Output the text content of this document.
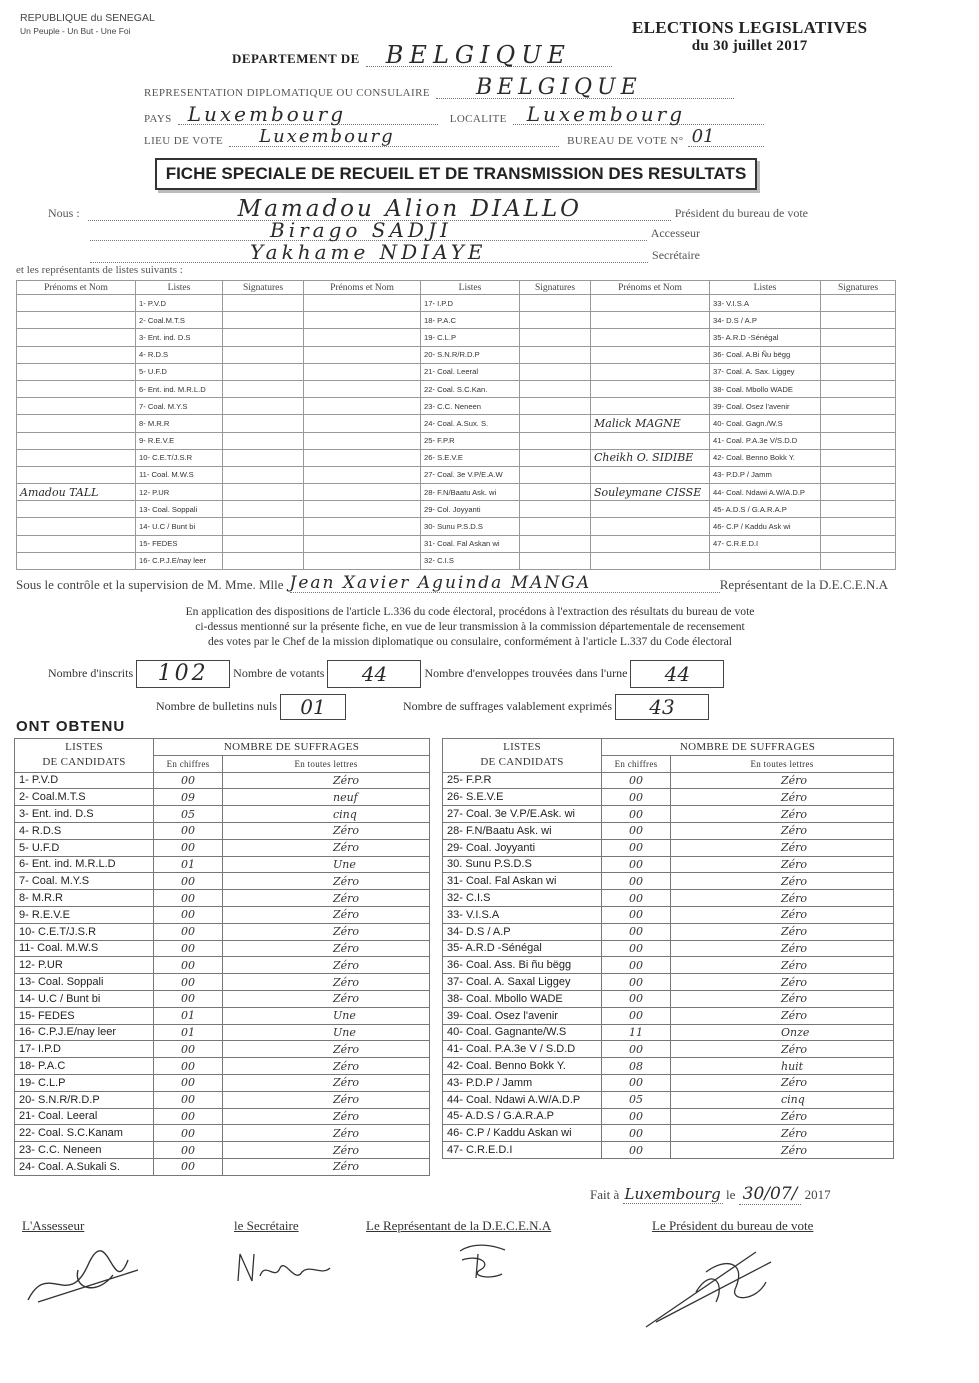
REPUBLIQUE du SENEGAL
Un Peuple - Un But - Une Foi	ELECTIONS LEGISLATIVES
du 30 juillet 2017
DEPARTEMENT DE	BELGIQUE
REPRESENTATION DIPLOMATIQUE OU CONSULAIRE	BELGIQUE
PAYS Luxembourg	LOCALITE	Luxembourg
LIEU DE VOTE	Luxembourg	BUREAU DE VOTE N° 01
FICHE SPECIALE DE RECUEIL ET DE TRANSMISSION DES RESULTATS
Nous :	Mamadou Alion DIALLO	Président du bureau de vote
Birago SADJI	Accesseur
Yakhame NDIAYE	Secrétaire
et les représentants de listes suivants :
Prénoms et Nom	Listes	Signatures	Prénoms et Nom	Listes	Signatures	Prénoms et Nom	Listes	Signatures
	1- P.V.D			17- I.P.D			33- V.I.S.A	
	2- Coal.M.T.S			18- P.A.C			34- D.S / A.P	
	3- Ent. ind. D.S			19- C.L.P			35- A.R.D -Sénégal	
	4- R.D.S			20- S.N.R/R.D.P			36- Coal. A.Bi Ñu bëgg	
	5- U.F.D			21- Coal. Leeral			37- Coal. A. Sax. Liggey	
	6- Ent. ind. M.R.L.D			22- Coal. S.C.Kan.			38- Coal. Mbollo WADE	
	7- Coal. M.Y.S			23- C.C. Neneen			39- Coal. Osez l'avenir	
	8- M.R.R			24- Coal. A.Sux. S.		Malick MAGNE	40- Coal. Gagn./W.S	
	9- R.E.V.E			25- F.P.R			41- Coal. P.A.3e V/S.D.D	
	10- C.E.T/J.S.R			26- S.E.V.E		Cheikh O. SIDIBE	42- Coal. Benno Bokk Y.	
	11- Coal. M.W.S			27- Coal. 3e V.P/E.A.W			43- P.D.P / Jamm	
Amadou TALL	12- P.UR			28- F.N/Baatu Ask. wi		Souleymane CISSE	44- Coal. Ndawi A.W/A.D.P	
	13- Coal. Soppali			29- Col. Joyyanti			45- A.D.S / G.A.R.A.P	
	14- U.C / Bunt bi			30- Sunu P.S.D.S			46- C.P / Kaddu Ask wi	
	15- FEDES			31- Coal. Fal Askan wi			47- C.R.E.D.I	
	16- C.P.J.E/nay leer			32- C.I.S				
Sous le contrôle et la supervision de M. Mme. Mlle Jean Xavier Aguinda MANGA	Représentant de la D.E.C.E.N.A
En application des dispositions de l'article L.336 du code électoral, procédons à l'extraction des résultats du bureau de vote
ci-dessus mentionné sur la présente fiche, en vue de leur transmission à la commission départementale de recensement
des votes par le Chef de la mission diplomatique ou consulaire, conformément à l'article L.337 du Code électoral
Nombre d'inscrits 102 Nombre de votants 44	Nombre d'enveloppes trouvées dans l'urne 44
Nombre de bulletins nuls 01	Nombre de suffrages valablement exprimés 43
ONT OBTENU
LISTES
DE CANDIDATS	NOMBRE DE SUFFRAGES	
	En chiffres	En toutes lettres
1- P.V.D	00	Zéro
2- Coal.M.T.S	09	neuf
3- Ent. ind. D.S	05	cinq
4- R.D.S	00	Zéro
5- U.F.D	00	Zéro
6- Ent. ind. M.R.L.D	01	Une
7- Coal. M.Y.S	00	Zéro
8- M.R.R	00	Zéro
9- R.E.V.E	00	Zéro
10- C.E.T/J.S.R	00	Zéro
11- Coal. M.W.S	00	Zéro
12- P.UR	00	Zéro
13- Coal. Soppali	00	Zéro
14- U.C / Bunt bi	00	Zéro
15- FEDES	01	Une
16- C.P.J.E/nay leer	01	Une
17- I.P.D	00	Zéro
18- P.A.C	00	Zéro
19- C.L.P	00	Zéro
20- S.N.R/R.D.P	00	Zéro
21- Coal. Leeral	00	Zéro
22- Coal. S.C.Kanam	00	Zéro
23- C.C. Neneen	00	Zéro
24- Coal. A.Sukali S.	00	Zéro
LISTES
DE CANDIDATS	NOMBRE DE SUFFRAGES	
	En chiffres	En toutes lettres
25- F.P.R	00	Zéro
26- S.E.V.E	00	Zéro
27- Coal. 3e V.P/E.Ask. wi	00	Zéro
28- F.N/Baatu Ask. wi	00	Zéro
29- Coal. Joyyanti	00	Zéro
30. Sunu P.S.D.S	00	Zéro
31- Coal. Fal Askan wi	00	Zéro
32- C.I.S	00	Zéro
33- V.I.S.A	00	Zéro
34- D.S / A.P	00	Zéro
35- A.R.D -Sénégal	00	Zéro
36- Coal. Ass. Bi ñu bëgg	00	Zéro
37- Coal. A. Saxal Liggey	00	Zéro
38- Coal. Mbollo WADE	00	Zéro
39- Coal. Osez l'avenir	00	Zéro
40- Coal. Gagnante/W.S	11	Onze
41- Coal. P.A.3e V / S.D.D	00	Zéro
42- Coal. Benno Bokk Y.	08	huit
43- P.D.P / Jamm	00	Zéro
44- Coal. Ndawi A.W/A.D.P	05	cinq
45- A.D.S / G.A.R.A.P	00	Zéro
46- C.P / Kaddu Askan wi	00	Zéro
47- C.R.E.D.I	00	Zéro
Fait à Luxembourg le 30/07/ 2017
L'Assesseur	le Secrétaire	Le Représentant de la D.E.C.E.N.A	Le Président du bureau de vote
